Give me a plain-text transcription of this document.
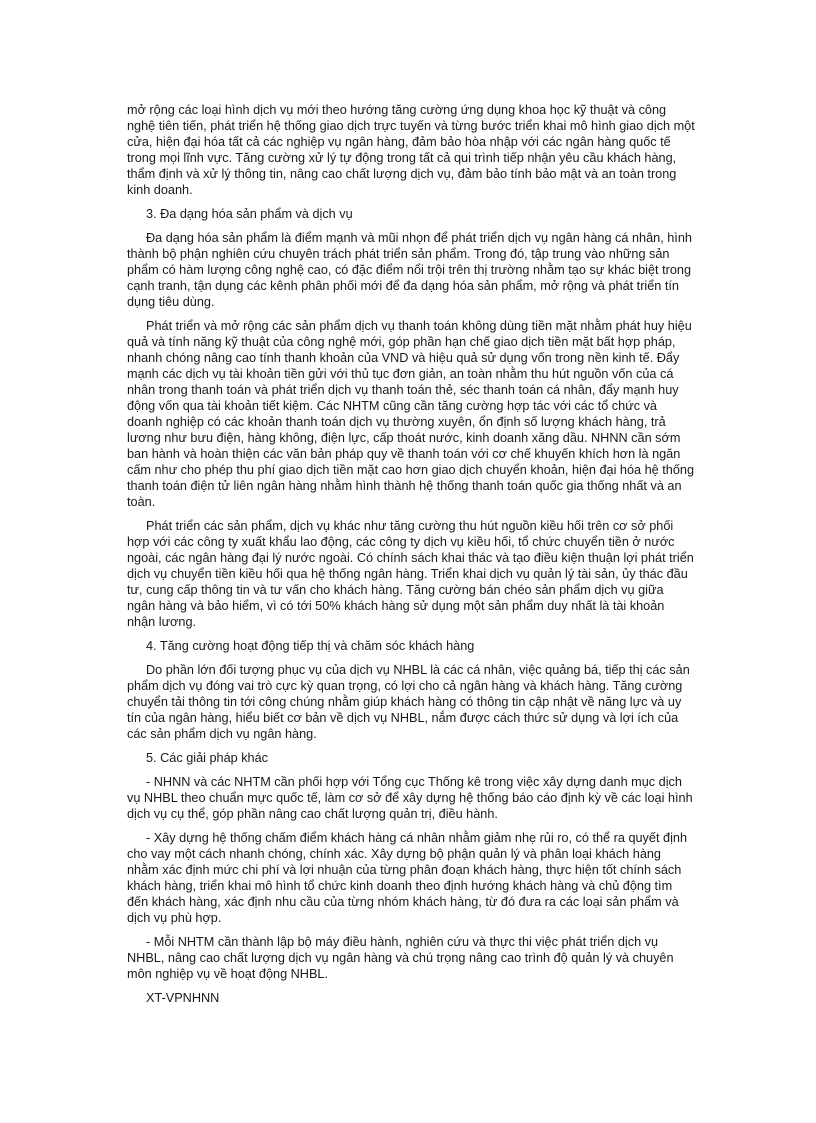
mở rộng các loại hình dịch vụ mới theo hướng tăng cường ứng dụng khoa học kỹ thuật và công nghệ tiên tiến, phát triển hệ thống giao dịch trực tuyến và từng bước triển khai mô hình giao dịch một cửa, hiện đại hóa tất cả các nghiệp vụ ngân hàng, đảm bảo hòa nhập với các ngân hàng quốc tế trong mọi lĩnh vực. Tăng cường xử lý tự động trong tất cả qui trình tiếp nhận yêu cầu khách hàng, thẩm định và xử lý thông tin, nâng cao chất lượng dịch vụ, đảm bảo tính bảo mật và an toàn trong kinh doanh.

3. Đa dạng hóa sản phẩm và dịch vụ

Đa dạng hóa sản phẩm là điểm mạnh và mũi nhọn để phát triển dịch vụ ngân hàng cá nhân, hình thành bộ phận nghiên cứu chuyên trách phát triển sản phẩm. Trong đó, tập trung vào những sản phẩm có hàm lượng công nghệ cao, có đặc điểm nổi trội trên thị trường nhằm tạo sự khác biệt trong cạnh tranh, tận dụng các kênh phân phối mới để đa dạng hóa sản phẩm, mở rộng và phát triển tín dụng tiêu dùng.

Phát triển và mở rộng các sản phẩm dịch vụ thanh toán không dùng tiền mặt nhằm phát huy hiệu quả và tính năng kỹ thuật của công nghệ mới, góp phần hạn chế giao dịch tiền mặt bất hợp pháp, nhanh chóng nâng cao tính thanh khoản của VND và hiệu quả sử dụng vốn trong nền kinh tế. Đẩy mạnh các dịch vụ tài khoản tiền gửi với thủ tục đơn giản, an toàn nhằm thu hút nguồn vốn của cá nhân trong thanh toán và phát triển dịch vụ thanh toán thẻ, séc thanh toán cá nhân, đẩy mạnh huy động vốn qua tài khoản tiết kiệm. Các NHTM cũng cần tăng cường hợp tác với các tổ chức và doanh nghiệp có các khoản thanh toán dịch vụ thường xuyên, ổn định số lượng khách hàng, trả lương như bưu điện, hàng không, điện lực, cấp thoát nước, kinh doanh xăng dầu. NHNN cần sớm ban hành và hoàn thiện các văn bản pháp quy về thanh toán với cơ chế khuyến khích hơn là ngăn cấm như cho phép thu phí giao dịch tiền mặt cao hơn giao dịch chuyển khoản, hiện đại hóa hệ thống thanh toán điện tử liên ngân hàng nhằm hình thành hệ thống thanh toán quốc gia thống nhất và an toàn.

Phát triển các sản phẩm, dịch vụ khác như tăng cường thu hút nguồn kiều hối trên cơ sở phối hợp với các công ty xuất khẩu lao động, các công ty dịch vụ kiều hối, tổ chức chuyển tiền ở nước ngoài, các ngân hàng đại lý nước ngoài. Có chính sách khai thác và tạo điều kiện thuận lợi phát triển dịch vụ chuyển tiền kiều hối qua hệ thống ngân hàng. Triển khai dịch vụ quản lý tài sản, ủy thác đầu tư, cung cấp thông tin và tư vấn cho khách hàng. Tăng cường bán chéo sản phẩm dịch vụ giữa ngân hàng và bảo hiểm, vì có tới 50% khách hàng sử dụng một sản phẩm duy nhất là tài khoản nhận lương.

4. Tăng cường hoạt động tiếp thị và chăm sóc khách hàng

Do phần lớn đối tượng phục vụ của dịch vụ NHBL là các cá nhân, việc quảng bá, tiếp thị các sản phẩm dịch vụ đóng vai trò cực kỳ quan trọng, có lợi cho cả ngân hàng và khách hàng. Tăng cường chuyển tải thông tin tới công chúng nhằm giúp khách hàng có thông tin cập nhật về năng lực và uy tín của ngân hàng, hiểu biết cơ bản về dịch vụ NHBL, nắm được cách thức sử dụng và lợi ích của các sản phẩm dịch vụ ngân hàng.

5. Các giải pháp khác

- NHNN và các NHTM cần phối hợp với Tổng cục Thống kê trong việc xây dựng danh mục dịch vụ NHBL theo chuẩn mực quốc tế, làm cơ sở để xây dựng hệ thống báo cáo định kỳ về các loại hình dịch vụ cụ thể, góp phần nâng cao chất lượng quản trị, điều hành.

- Xây dựng hệ thống chấm điểm khách hàng cá nhân nhằm giảm nhẹ rủi ro, có thể ra quyết định cho vay một cách nhanh chóng, chính xác. Xây dựng bộ phận quản lý và phân loại khách hàng nhằm xác định mức chi phí và lợi nhuận của từng phân đoạn khách hàng, thực hiện tốt chính sách khách hàng, triển khai mô hình tổ chức kinh doanh theo định hướng khách hàng và chủ động tìm đến khách hàng, xác định nhu cầu của từng nhóm khách hàng, từ đó đưa ra các loại sản phẩm và dịch vụ phù hợp.

- Mỗi NHTM cần thành lập bộ máy điều hành, nghiên cứu và thực thi việc phát triển dịch vụ NHBL, nâng cao chất lượng dịch vụ ngân hàng và chú trọng nâng cao trình độ quản lý và chuyên môn nghiệp vụ về hoạt động NHBL.

XT-VPNHNN
